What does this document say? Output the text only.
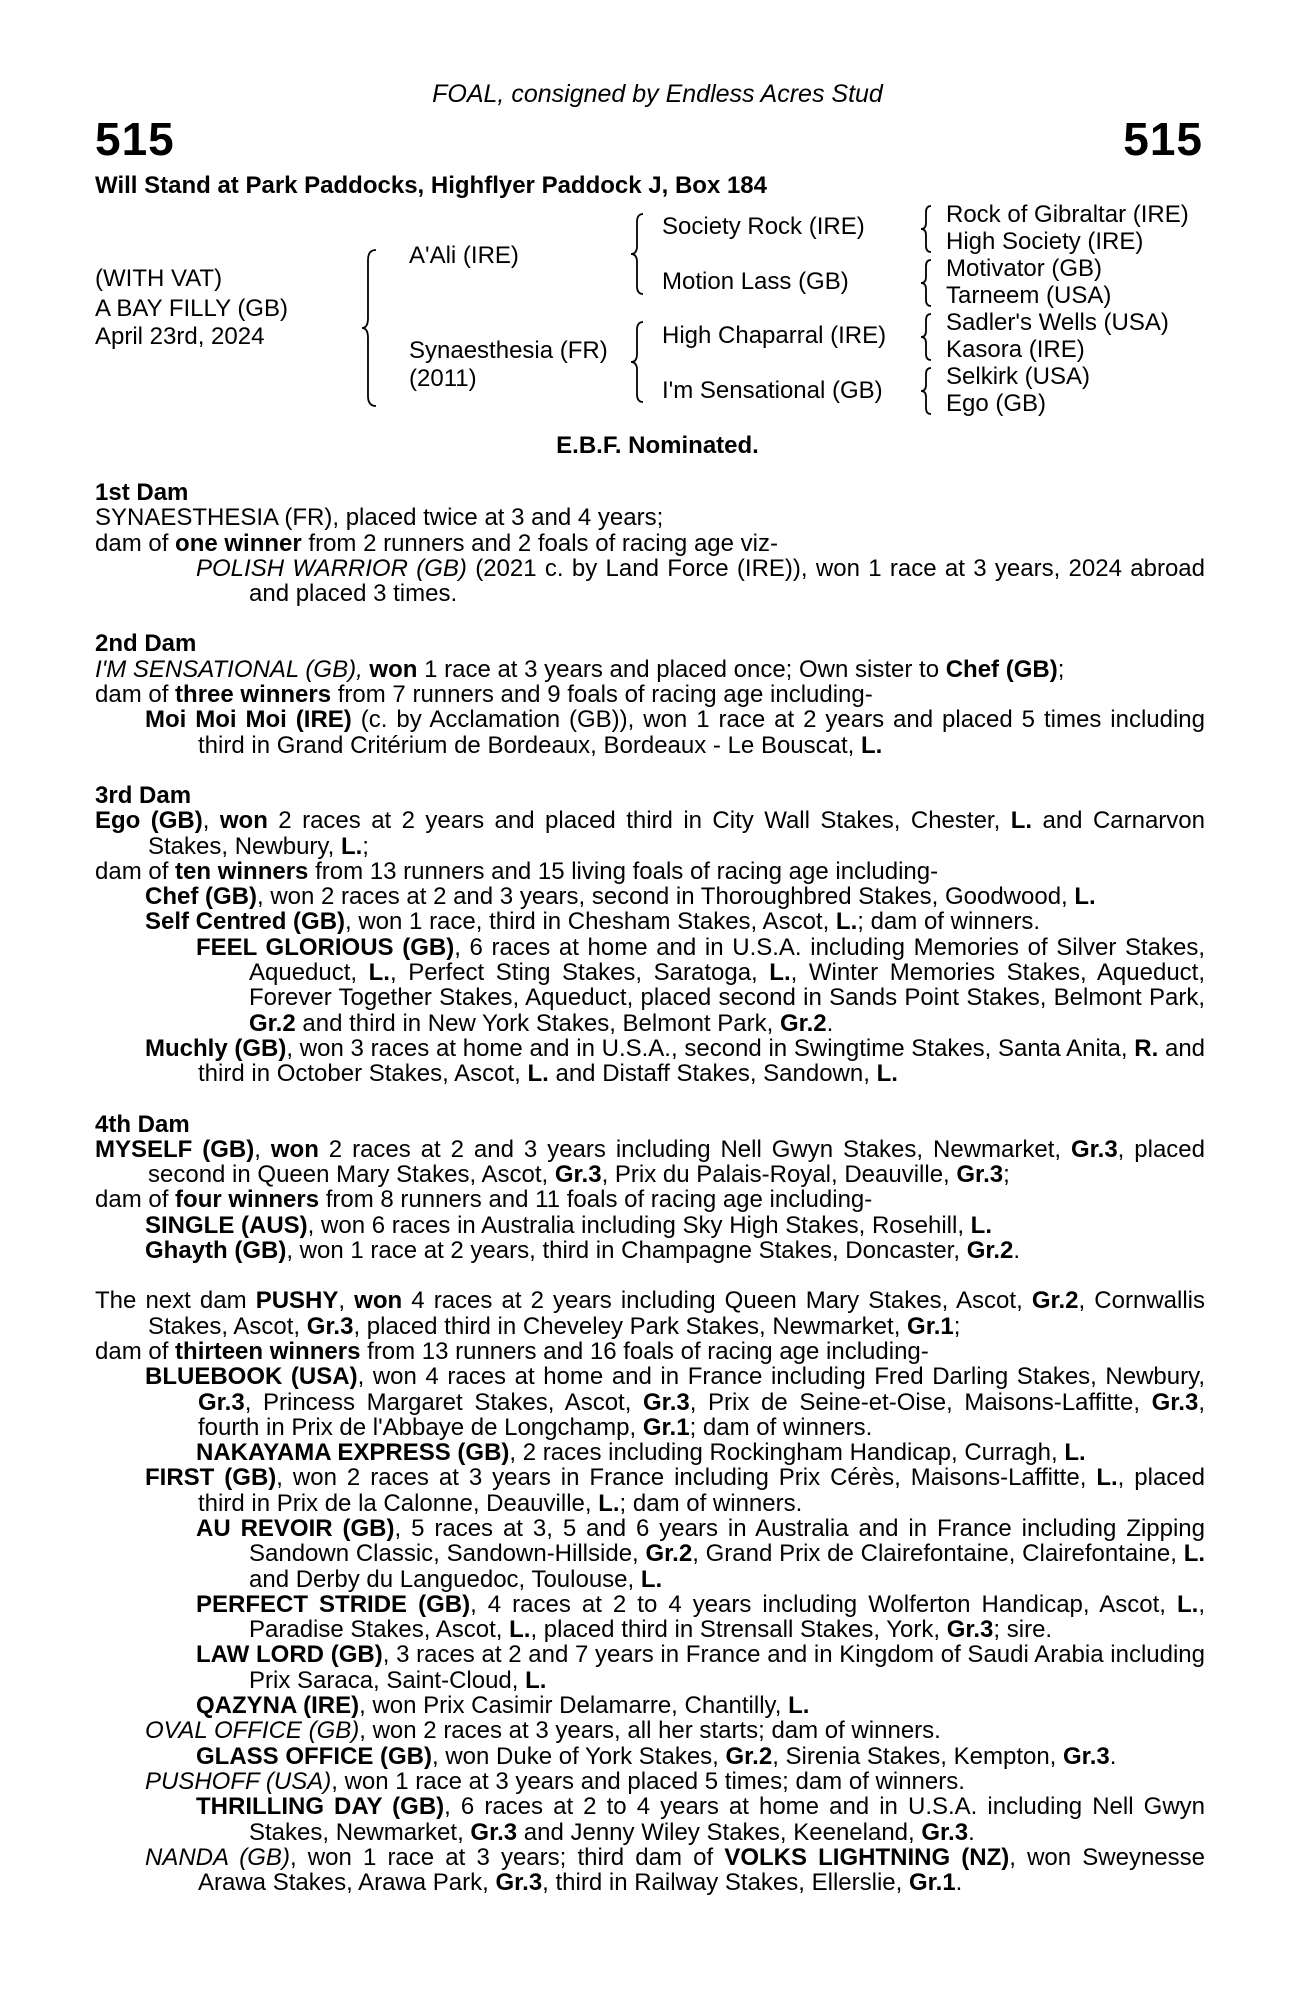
FOAL, consigned by Endless Acres Stud
515	515
Will Stand at Park Paddocks, Highflyer Paddock J, Box 184
(WITH VAT)
A BAY FILLY (GB)
April 23rd, 2024
A'Ali (IRE)
Synaesthesia (FR)
(2011)
Society Rock (IRE)
Motion Lass (GB)
High Chaparral (IRE)
I'm Sensational (GB)
Rock of Gibraltar (IRE)
High Society (IRE)
Motivator (GB)
Tarneem (USA)
Sadler's Wells (USA)
Kasora (IRE)
Selkirk (USA)
Ego (GB)
E.B.F. Nominated.
1st Dam
SYNAESTHESIA (FR), placed twice at 3 and 4 years;
dam of one winner from 2 runners and 2 foals of racing age viz-
POLISH WARRIOR (GB) (2021 c. by Land Force (IRE)), won 1 race at 3 years, 2024 abroad and placed 3 times.
2nd Dam
I'M SENSATIONAL (GB), won 1 race at 3 years and placed once; Own sister to Chef (GB);
dam of three winners from 7 runners and 9 foals of racing age including-
Moi Moi Moi (IRE) (c. by Acclamation (GB)), won 1 race at 2 years and placed 5 times including third in Grand Critérium de Bordeaux, Bordeaux - Le Bouscat, L.
3rd Dam
Ego (GB), won 2 races at 2 years and placed third in City Wall Stakes, Chester, L. and Carnarvon Stakes, Newbury, L.;
dam of ten winners from 13 runners and 15 living foals of racing age including-
Chef (GB), won 2 races at 2 and 3 years, second in Thoroughbred Stakes, Goodwood, L.
Self Centred (GB), won 1 race, third in Chesham Stakes, Ascot, L.; dam of winners.
FEEL GLORIOUS (GB), 6 races at home and in U.S.A. including Memories of Silver Stakes, Aqueduct, L., Perfect Sting Stakes, Saratoga, L., Winter Memories Stakes, Aqueduct, Forever Together Stakes, Aqueduct, placed second in Sands Point Stakes, Belmont Park, Gr.2 and third in New York Stakes, Belmont Park, Gr.2.
Muchly (GB), won 3 races at home and in U.S.A., second in Swingtime Stakes, Santa Anita, R. and third in October Stakes, Ascot, L. and Distaff Stakes, Sandown, L.
4th Dam
MYSELF (GB), won 2 races at 2 and 3 years including Nell Gwyn Stakes, Newmarket, Gr.3, placed second in Queen Mary Stakes, Ascot, Gr.3, Prix du Palais-Royal, Deauville, Gr.3;
dam of four winners from 8 runners and 11 foals of racing age including-
SINGLE (AUS), won 6 races in Australia including Sky High Stakes, Rosehill, L.
Ghayth (GB), won 1 race at 2 years, third in Champagne Stakes, Doncaster, Gr.2.
The next dam PUSHY, won 4 races at 2 years including Queen Mary Stakes, Ascot, Gr.2, Cornwallis Stakes, Ascot, Gr.3, placed third in Cheveley Park Stakes, Newmarket, Gr.1;
dam of thirteen winners from 13 runners and 16 foals of racing age including-
BLUEBOOK (USA), won 4 races at home and in France including Fred Darling Stakes, Newbury, Gr.3, Princess Margaret Stakes, Ascot, Gr.3, Prix de Seine-et-Oise, Maisons-Laffitte, Gr.3, fourth in Prix de l'Abbaye de Longchamp, Gr.1; dam of winners.
NAKAYAMA EXPRESS (GB), 2 races including Rockingham Handicap, Curragh, L.
FIRST (GB), won 2 races at 3 years in France including Prix Cérès, Maisons-Laffitte, L., placed third in Prix de la Calonne, Deauville, L.; dam of winners.
AU REVOIR (GB), 5 races at 3, 5 and 6 years in Australia and in France including Zipping Sandown Classic, Sandown-Hillside, Gr.2, Grand Prix de Clairefontaine, Clairefontaine, L. and Derby du Languedoc, Toulouse, L.
PERFECT STRIDE (GB), 4 races at 2 to 4 years including Wolferton Handicap, Ascot, L., Paradise Stakes, Ascot, L., placed third in Strensall Stakes, York, Gr.3; sire.
LAW LORD (GB), 3 races at 2 and 7 years in France and in Kingdom of Saudi Arabia including Prix Saraca, Saint-Cloud, L.
QAZYNA (IRE), won Prix Casimir Delamarre, Chantilly, L.
OVAL OFFICE (GB), won 2 races at 3 years, all her starts; dam of winners.
GLASS OFFICE (GB), won Duke of York Stakes, Gr.2, Sirenia Stakes, Kempton, Gr.3.
PUSHOFF (USA), won 1 race at 3 years and placed 5 times; dam of winners.
THRILLING DAY (GB), 6 races at 2 to 4 years at home and in U.S.A. including Nell Gwyn Stakes, Newmarket, Gr.3 and Jenny Wiley Stakes, Keeneland, Gr.3.
NANDA (GB), won 1 race at 3 years; third dam of VOLKS LIGHTNING (NZ), won Sweynesse Arawa Stakes, Arawa Park, Gr.3, third in Railway Stakes, Ellerslie, Gr.1.
